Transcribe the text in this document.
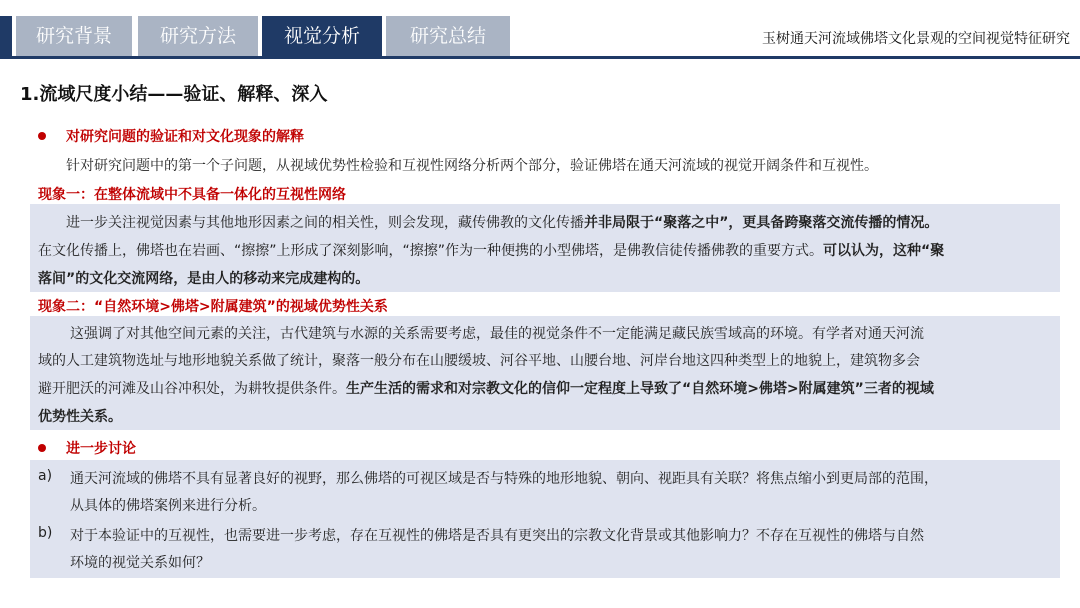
研究背景	研究方法	视觉分析	研究总结	玉树通天河流域佛塔文化景观的空间视觉特征研究
1.流域尺度小结——验证、解释、深入
对研究问题的验证和对文化现象的解释
针对研究问题中的第一个子问题，从视域优势性检验和互视性网络分析两个部分，验证佛塔在通天河流域的视觉开阔条件和互视性。
现象一：在整体流域中不具备一体化的互视性网络
进一步关注视觉因素与其他地形因素之间的相关性，则会发现，藏传佛教的文化传播并非局限于“聚落之中”，更具备跨聚落交流传播的情况。
在文化传播上，佛塔也在岩画、“擦擦”上形成了深刻影响，“擦擦”作为一种便携的小型佛塔，是佛教信徒传播佛教的重要方式。可以认为，这种“聚
落间”的文化交流网络，是由人的移动来完成建构的。
现象二：“自然环境>佛塔>附属建筑”的视域优势性关系
这强调了对其他空间元素的关注，古代建筑与水源的关系需要考虑，最佳的视觉条件不一定能满足藏民族雪域高的环境。有学者对通天河流
域的人工建筑物选址与地形地貌关系做了统计，聚落一般分布在山腰缓坡、河谷平地、山腰台地、河岸台地这四种类型上的地貌上，建筑物多会
避开肥沃的河滩及山谷冲积处，为耕牧提供条件。生产生活的需求和对宗教文化的信仰一定程度上导致了“自然环境>佛塔>附属建筑”三者的视域
优势性关系。
进一步讨论
a) 通天河流域的佛塔不具有显著良好的视野，那么佛塔的可视区域是否与特殊的地形地貌、朝向、视距具有关联？将焦点缩小到更局部的范围，
从具体的佛塔案例来进行分析。
b) 对于本验证中的互视性，也需要进一步考虑，存在互视性的佛塔是否具有更突出的宗教文化背景或其他影响力？不存在互视性的佛塔与自然
环境的视觉关系如何？
